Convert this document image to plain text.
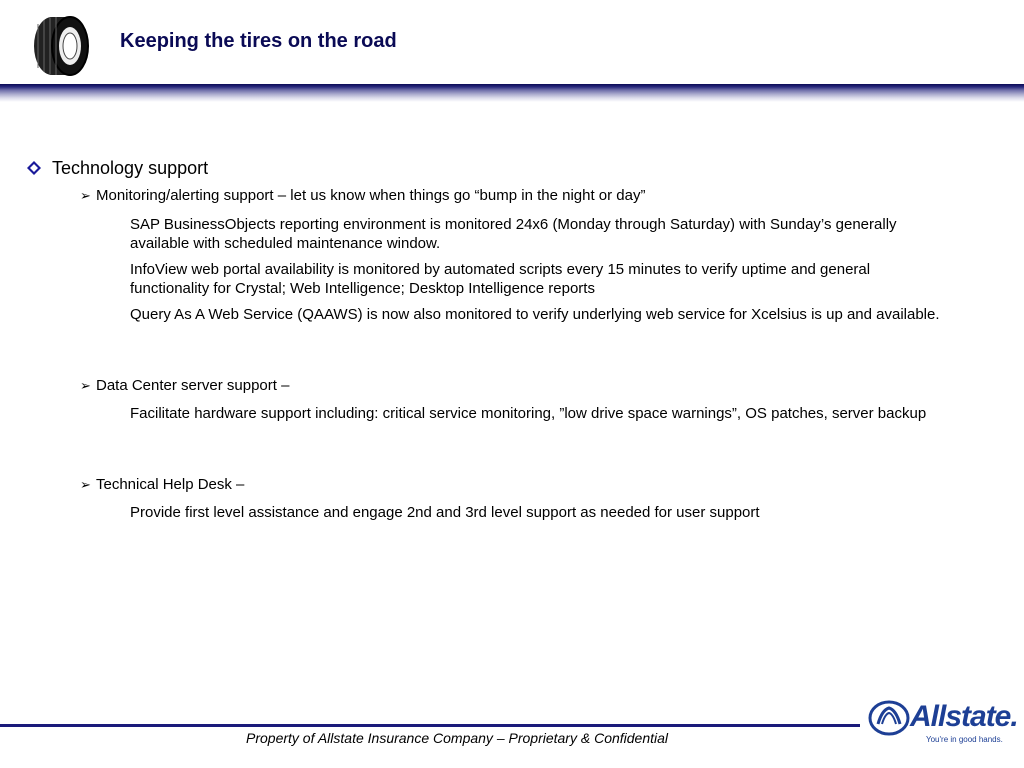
Keeping the tires on the road
Technology support
➢ Monitoring/alerting support – let us know when things go “bump in the night or day”
SAP BusinessObjects reporting environment is monitored 24x6 (Monday through Saturday) with Sunday’s generally available with scheduled maintenance window.
InfoView web portal availability is monitored by automated scripts every 15 minutes to verify uptime and general functionality for Crystal; Web Intelligence; Desktop Intelligence reports
Query As A Web Service (QAAWS) is now also monitored to verify underlying web service for Xcelsius is up and available.
➢ Data Center server support –
Facilitate hardware support including: critical service monitoring, ”low drive space warnings”, OS patches, server backup
➢ Technical Help Desk –
Provide first level assistance and engage 2nd and 3rd level support as needed for user support
Property of Allstate Insurance Company – Proprietary & Confidential
Allstate.
You're in good hands.
